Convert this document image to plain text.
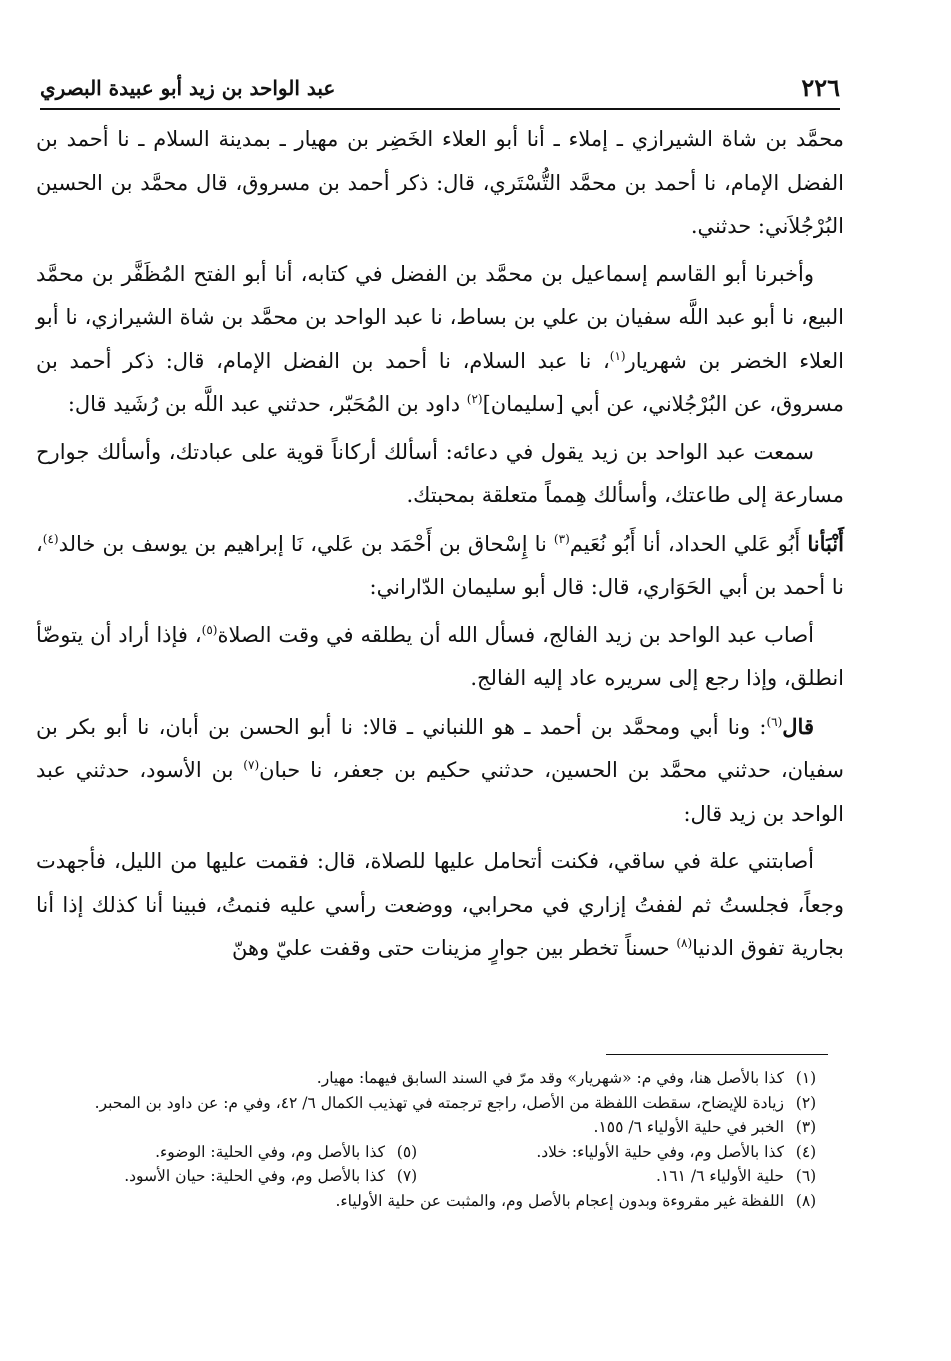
٢٢٦
عبد الواحد بن زيد أبو عبيدة البصري

محمَّد بن شاة الشيرازي ـ إملاء ـ أنا أبو العلاء الخَضِر بن مهيار ـ بمدينة السلام ـ نا أحمد بن الفضل الإمام، نا أحمد بن محمَّد التُّسْتَري، قال: ذكر أحمد بن مسروق، قال محمَّد بن الحسين البُرْجُلاَني: حدثني.

وأخبرنا أبو القاسم إسماعيل بن محمَّد بن الفضل في كتابه، أنا أبو الفتح المُظَفَّر بن محمَّد البيع، نا أبو عبد اللَّه سفيان بن علي بن بساط، نا عبد الواحد بن محمَّد بن شاة الشيرازي، نا أبو العلاء الخضر بن شهريار$^{(١)}$، نا عبد السلام، نا أحمد بن الفضل الإمام، قال: ذكر أحمد بن مسروق، عن البُرْجُلاني، عن أبي [سليمان]$^{(٢)}$ داود بن المُحَبّر، حدثني عبد اللَّه بن رُشَيد قال:

سمعت عبد الواحد بن زيد يقول في دعائه: أسألك أركاناً قوية على عبادتك، وأسألك جوارح مسارعة إلى طاعتك، وأسألك هِمماً متعلقة بمحبتك.

أَنْبَأنا أَبُو عَلي الحداد، أنا أَبُو نُعَيم$^{(٣)}$ نا إِسْحاق بن أَحْمَد بن عَلي، نَا إبراهيم بن يوسف بن خالد$^{(٤)}$، نا أحمد بن أبي الحَوَاري، قال: قال أبو سليمان الدّاراني:

أصاب عبد الواحد بن زيد الفالج، فسأل الله أن يطلقه في وقت الصلاة$^{(٥)}$، فإذا أراد أن يتوضّأ انطلق، وإذا رجع إلى سريره عاد إليه الفالج.

قال$^{(٦)}$: ونا أبي ومحمَّد بن أحمد ـ هو اللنباني ـ قالا: نا أبو الحسن بن أبان، نا أبو بكر بن سفيان، حدثني محمَّد بن الحسين، حدثني حكيم بن جعفر، نا حبان$^{(٧)}$ بن الأسود، حدثني عبد الواحد بن زيد قال:

أصابتني علة في ساقي، فكنت أتحامل عليها للصلاة، قال: فقمت عليها من الليل، فأجهدت وجعاً، فجلستُ ثم لففتُ إزاري في محرابي، ووضعت رأسي عليه فنمتُ، فبينا أنا كذلك إذا أنا بجارية تفوق الدنيا$^{(٨)}$ حسناً تخطر بين جوارٍ مزينات حتى وقفت عليّ وهنّ

(١)
كذا بالأصل هنا، وفي م: «شهريار» وقد مرّ في السند السابق فيهما: مهيار.
(٢)
زيادة للإيضاح، سقطت اللفظة من الأصل، راجع ترجمته في تهذيب الكمال ٦/ ٤٢، وفي م: عن داود بن المحبر.
(٣)
الخبر في حلية الأولياء ٦/ ١٥٥.
(٤)
كذا بالأصل وم، وفي حلية الأولياء: خلاد.
(٥)
كذا بالأصل وم، وفي الحلية: الوضوء.
(٦)
حلية الأولياء ٦/ ١٦١.
(٧)
كذا بالأصل وم، وفي الحلية: حيان الأسود.
(٨)
اللفظة غير مقروءة وبدون إعجام بالأصل وم، والمثبت عن حلية الأولياء.
